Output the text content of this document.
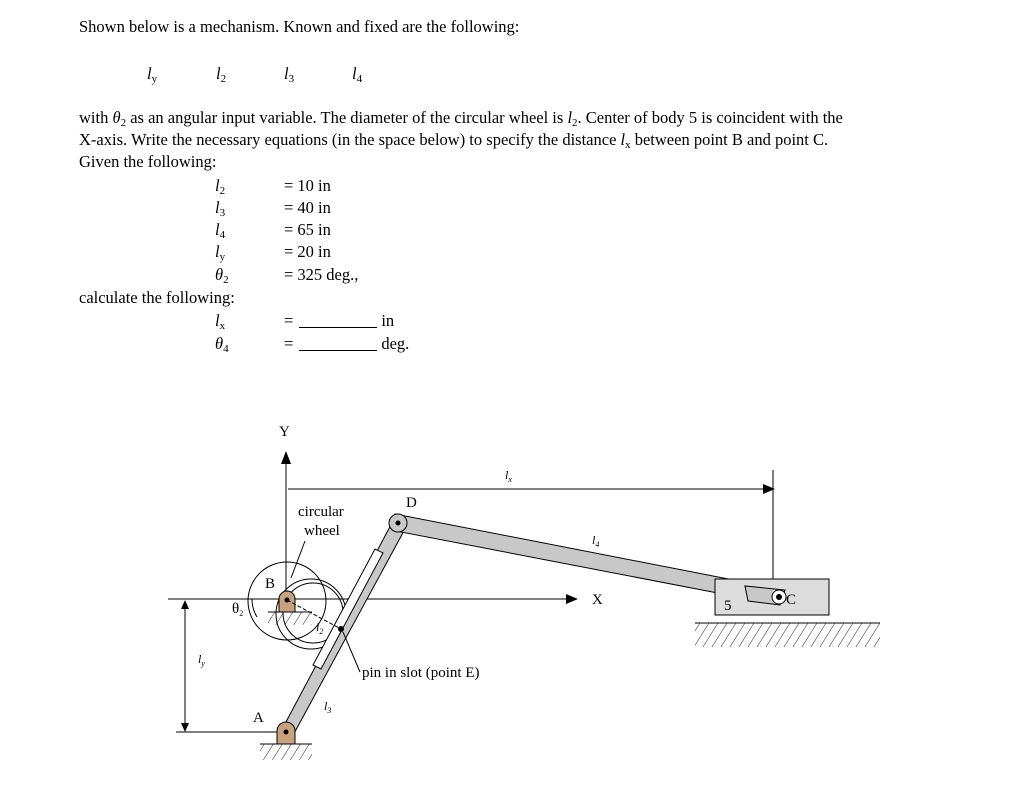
Shown below is a mechanism. Known and fixed are the following:
$l_y$	$l_2$	$l_3$	$l_4$
with $\theta_2$ as an angular input variable. The diameter of the circular wheel is $l_2$. Center of body 5 is coincident with the
X-axis. Write the necessary equations (in the space below) to specify the distance $l_x$ between point B and point C.
Given the following:
$l_2$	= 10 in
$l_3$	= 40 in
$l_4$	= 65 in
$l_y$	= 20 in
$\theta_2$	= 325 deg.,
calculate the following:
$l_x$	=	in
$\theta_4$	=	deg.
X
Y
$l_x$
$l_y$
5
$\theta_2$
B
A
D
C
circular
wheel
$l_4$
$l_2$
$l_3$
pin in slot (point E)
